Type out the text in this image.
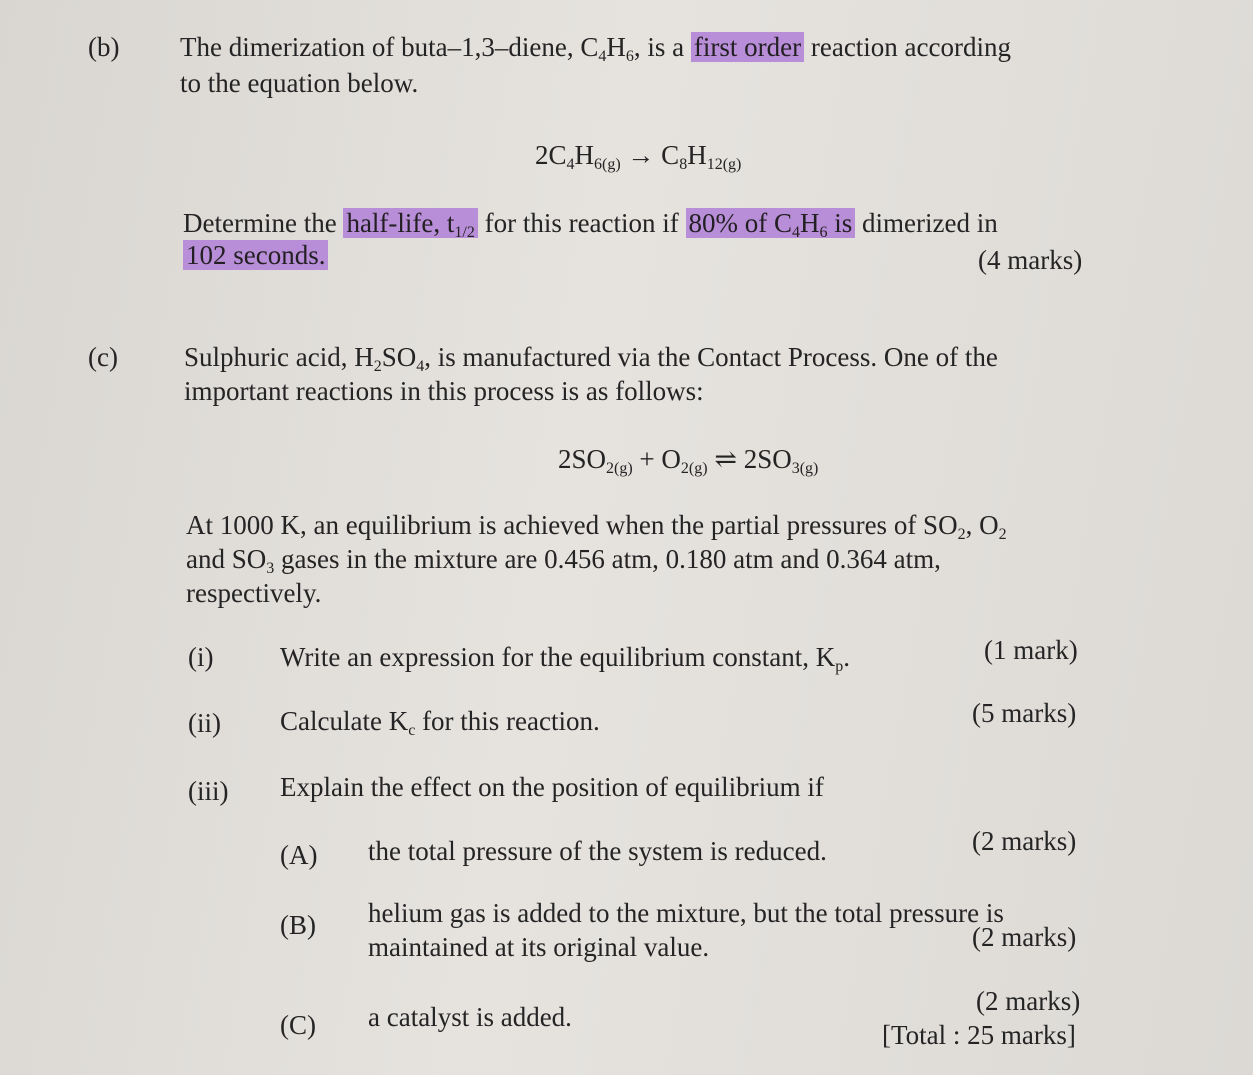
(b) The dimerization of buta–1,3–diene, $C_4H_6$, is a first order reaction according
to the equation below.
$2C_4H_{6(g)} \to C_8H_{12(g)}$
Determine the half-life, $t_{1/2}$ for this reaction if 80% of $C_4H_6$ is dimerized in
102 seconds.	(4 marks)
(c) Sulphuric acid, $H_2SO_4$, is manufactured via the Contact Process. One of the
important reactions in this process is as follows:
$2SO_{2(g)} + O_{2(g)}$ ⇌ $2SO_{3(g)}$
At 1000 K, an equilibrium is achieved when the partial pressures of $SO_2$, $O_2$
and $SO_3$ gases in the mixture are 0.456 atm, 0.180 atm and 0.364 atm,
respectively.
(i) Write an expression for the equilibrium constant, $K_p$.	(1 mark)
(ii) Calculate $K_c$ for this reaction.	(5 marks)
(iii) Explain the effect on the position of equilibrium if
(A) the total pressure of the system is reduced.	(2 marks)
(B) helium gas is added to the mixture, but the total pressure is
maintained at its original value.	(2 marks)
(C) a catalyst is added.
(2 marks)
[Total : 25 marks]
